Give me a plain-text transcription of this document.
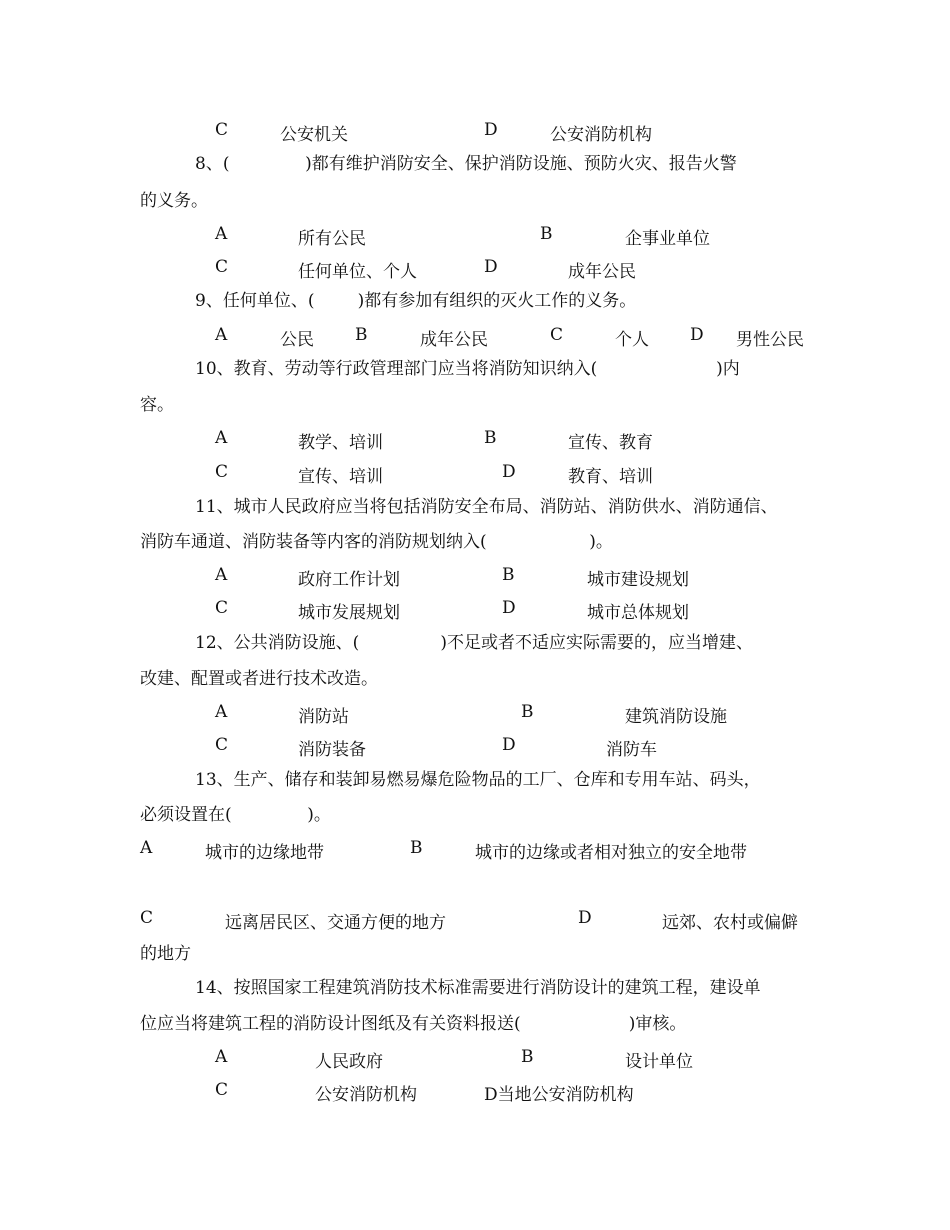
C	公安机关	D	公安消防机构
8、(              )都有维护消防安全、保护消防设施、预防火灾、报告火警
的义务。
A	所有公民	B	企事业单位
C	任何单位、个人	D	成年公民
9、任何单位、(        )都有参加有组织的灭火工作的义务。
A	公民 B	成年公民	C	个人 D 男性公民
10、教育、劳动等行政管理部门应当将消防知识纳入(                      )内
容。
A	教学、培训	B	宣传、教育
C	宣传、培训	D	教育、培训
11、城市人民政府应当将包括消防安全布局、消防站、消防供水、消防通信、
消防车通道、消防装备等内客的消防规划纳入(                   )。
A	政府工作计划	B	城市建设规划
C	城市发展规划	D	城市总体规划
12、公共消防设施、(               )不足或者不适应实际需要的，应当增建、
改建、配置或者进行技术改造。
A	消防站	B	建筑消防设施
C	消防装备	D	消防车
13、生产、储存和装卸易燃易爆危险物品的工厂、仓库和专用车站、码头，
必须设置在(              )。
A	城市的边缘地带	B	城市的边缘或者相对独立的安全地带
C	远离居民区、交通方便的地方	D	远郊、农村或偏僻
的地方
14、按照国家工程建筑消防技术标准需要进行消防设计的建筑工程，建设单
位应当将建筑工程的消防设计图纸及有关资料报送(                    )审核。
A	人民政府	B	设计单位
C	公安消防机构	D当地公安消防机构
